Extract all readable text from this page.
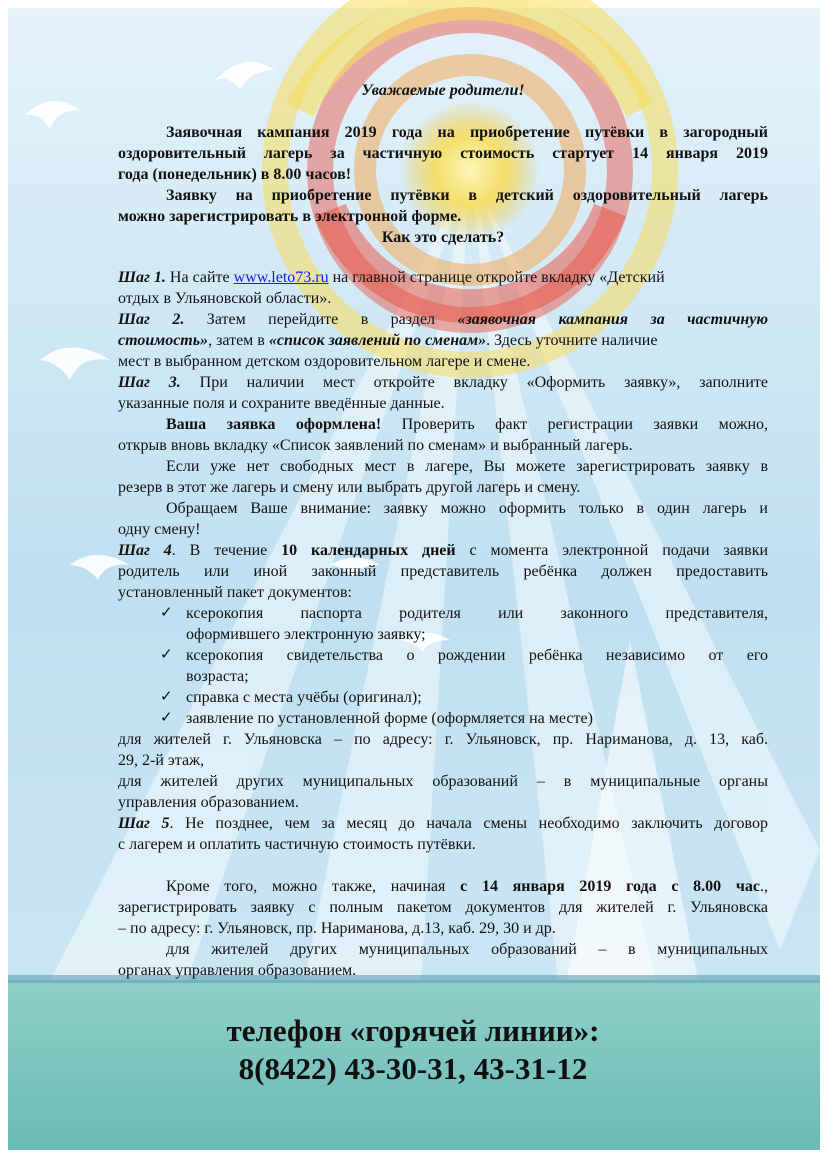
Уважаемые родители!
Заявочная кампания 2019 года на приобретение путёвки в загородный
оздоровительный лагерь за частичную стоимость стартует 14 января 2019
года (понедельник) в 8.00 часов!
Заявку на приобретение путёвки в детский оздоровительный лагерь
можно зарегистрировать в электронной форме.
Как это сделать?
Шаг 1. На сайте www.leto73.ru на главной странице откройте вкладку «Детский
отдых в Ульяновской области».
Шаг 2. Затем перейдите в раздел «заявочная кампания за частичную
стоимость», затем в «список заявлений по сменам». Здесь уточните наличие
мест в выбранном детском оздоровительном лагере и смене.
Шаг 3. При наличии мест откройте вкладку «Оформить заявку», заполните
указанные поля и сохраните введённые данные.
Ваша заявка оформлена! Проверить факт регистрации заявки можно,
открыв вновь вкладку «Список заявлений по сменам» и выбранный лагерь.
Если уже нет свободных мест в лагере, Вы можете зарегистрировать заявку в
резерв в этот же лагерь и смену или выбрать другой лагерь и смену.
Обращаем Ваше внимание: заявку можно оформить только в один лагерь и
одну смену!
Шаг 4. В течение 10 календарных дней с момента электронной подачи заявки
родитель или иной законный представитель ребёнка должен предоставить
установленный пакет документов:
✓ ксерокопия паспорта родителя или законного представителя,
оформившего электронную заявку;
✓ ксерокопия свидетельства о рождении ребёнка независимо от его
возраста;
✓ справка с места учёбы (оригинал);
✓ заявление по установленной форме (оформляется на месте)
для жителей г. Ульяновска – по адресу: г. Ульяновск, пр. Нариманова, д. 13, каб.
29, 2-й этаж,
для жителей других муниципальных образований – в муниципальные органы
управления образованием.
Шаг 5. Не позднее, чем за месяц до начала смены необходимо заключить договор
с лагерем и оплатить частичную стоимость путёвки.
Кроме того, можно также, начиная с 14 января 2019 года с 8.00 час.,
зарегистрировать заявку с полным пакетом документов для жителей г. Ульяновска
– по адресу: г. Ульяновск, пр. Нариманова, д.13, каб. 29, 30 и др.
для жителей других муниципальных образований – в муниципальных
органах управления образованием.
телефон «горячей линии»:
8(8422) 43-30-31, 43-31-12
